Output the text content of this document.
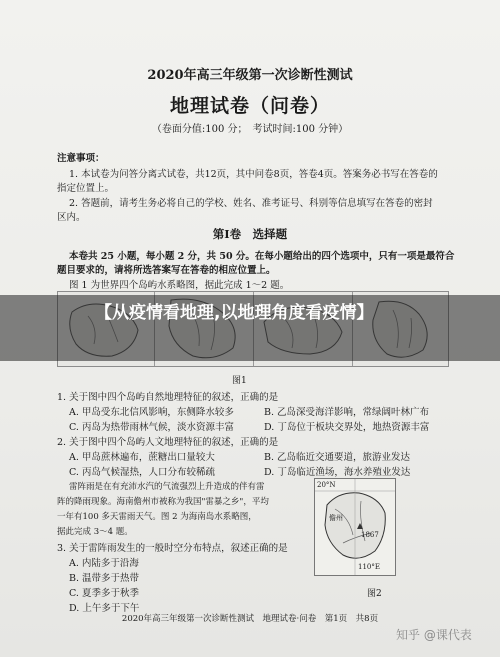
2020年高三年级第一次诊断性测试
地理试卷（问卷）
（卷面分值:100 分；　考试时间:100 分钟）
注意事项：
1. 本试卷为问答分离式试卷，共12页，其中问卷8页，答卷4页。答案务必书写在答卷的
指定位置上。
2. 答题前，请考生务必将自己的学校、姓名、准考证号、科别等信息填写在答卷的密封
区内。
第Ⅰ卷　选择题
本卷共 25 小题，每小题 2 分，共 50 分。在每小题给出的四个选项中，只有一项是最符合
题目要求的，请将所选答案写在答卷的相应位置上。
图 1 为世界四个岛屿水系略图，据此完成 1～2 题。
【从疫情看地理,以地理角度看疫情】
图1
1. 关于图中四个岛屿自然地理特征的叙述，正确的是
A. 甲岛受东北信风影响，东侧降水较多	B. 乙岛深受海洋影响，常绿阔叶林广布
C. 丙岛为热带雨林气候，淡水资源丰富	D. 丁岛位于板块交界处，地热资源丰富
2. 关于图中四个岛屿人文地理特征的叙述，正确的是
A. 甲岛蔗林遍布，蔗糖出口量较大	B. 乙岛临近交通要道，旅游业发达
C. 丙岛气候湿热，人口分布较稀疏	D. 丁岛临近渔场，海水养殖业发达
雷阵雨是在有充沛水汽的气流强烈上升造成的伴有雷
阵的降雨现象。海南儋州市被称为我国"雷暴之乡"，平均
一年有100 多天雷雨天气。图 2 为海南岛水系略图，
据此完成 3～4 题。
3. 关于雷阵雨发生的一般时空分布特点，叙述正确的是
A. 内陆多于沿海
B. 温带多于热带
C. 夏季多于秋季
D. 上午多于下午
20°N
儋州
1867
110°E
图2
2020年高三年级第一次诊断性测试　地理试卷·问卷　第1页　共8页
知乎 @课代表
